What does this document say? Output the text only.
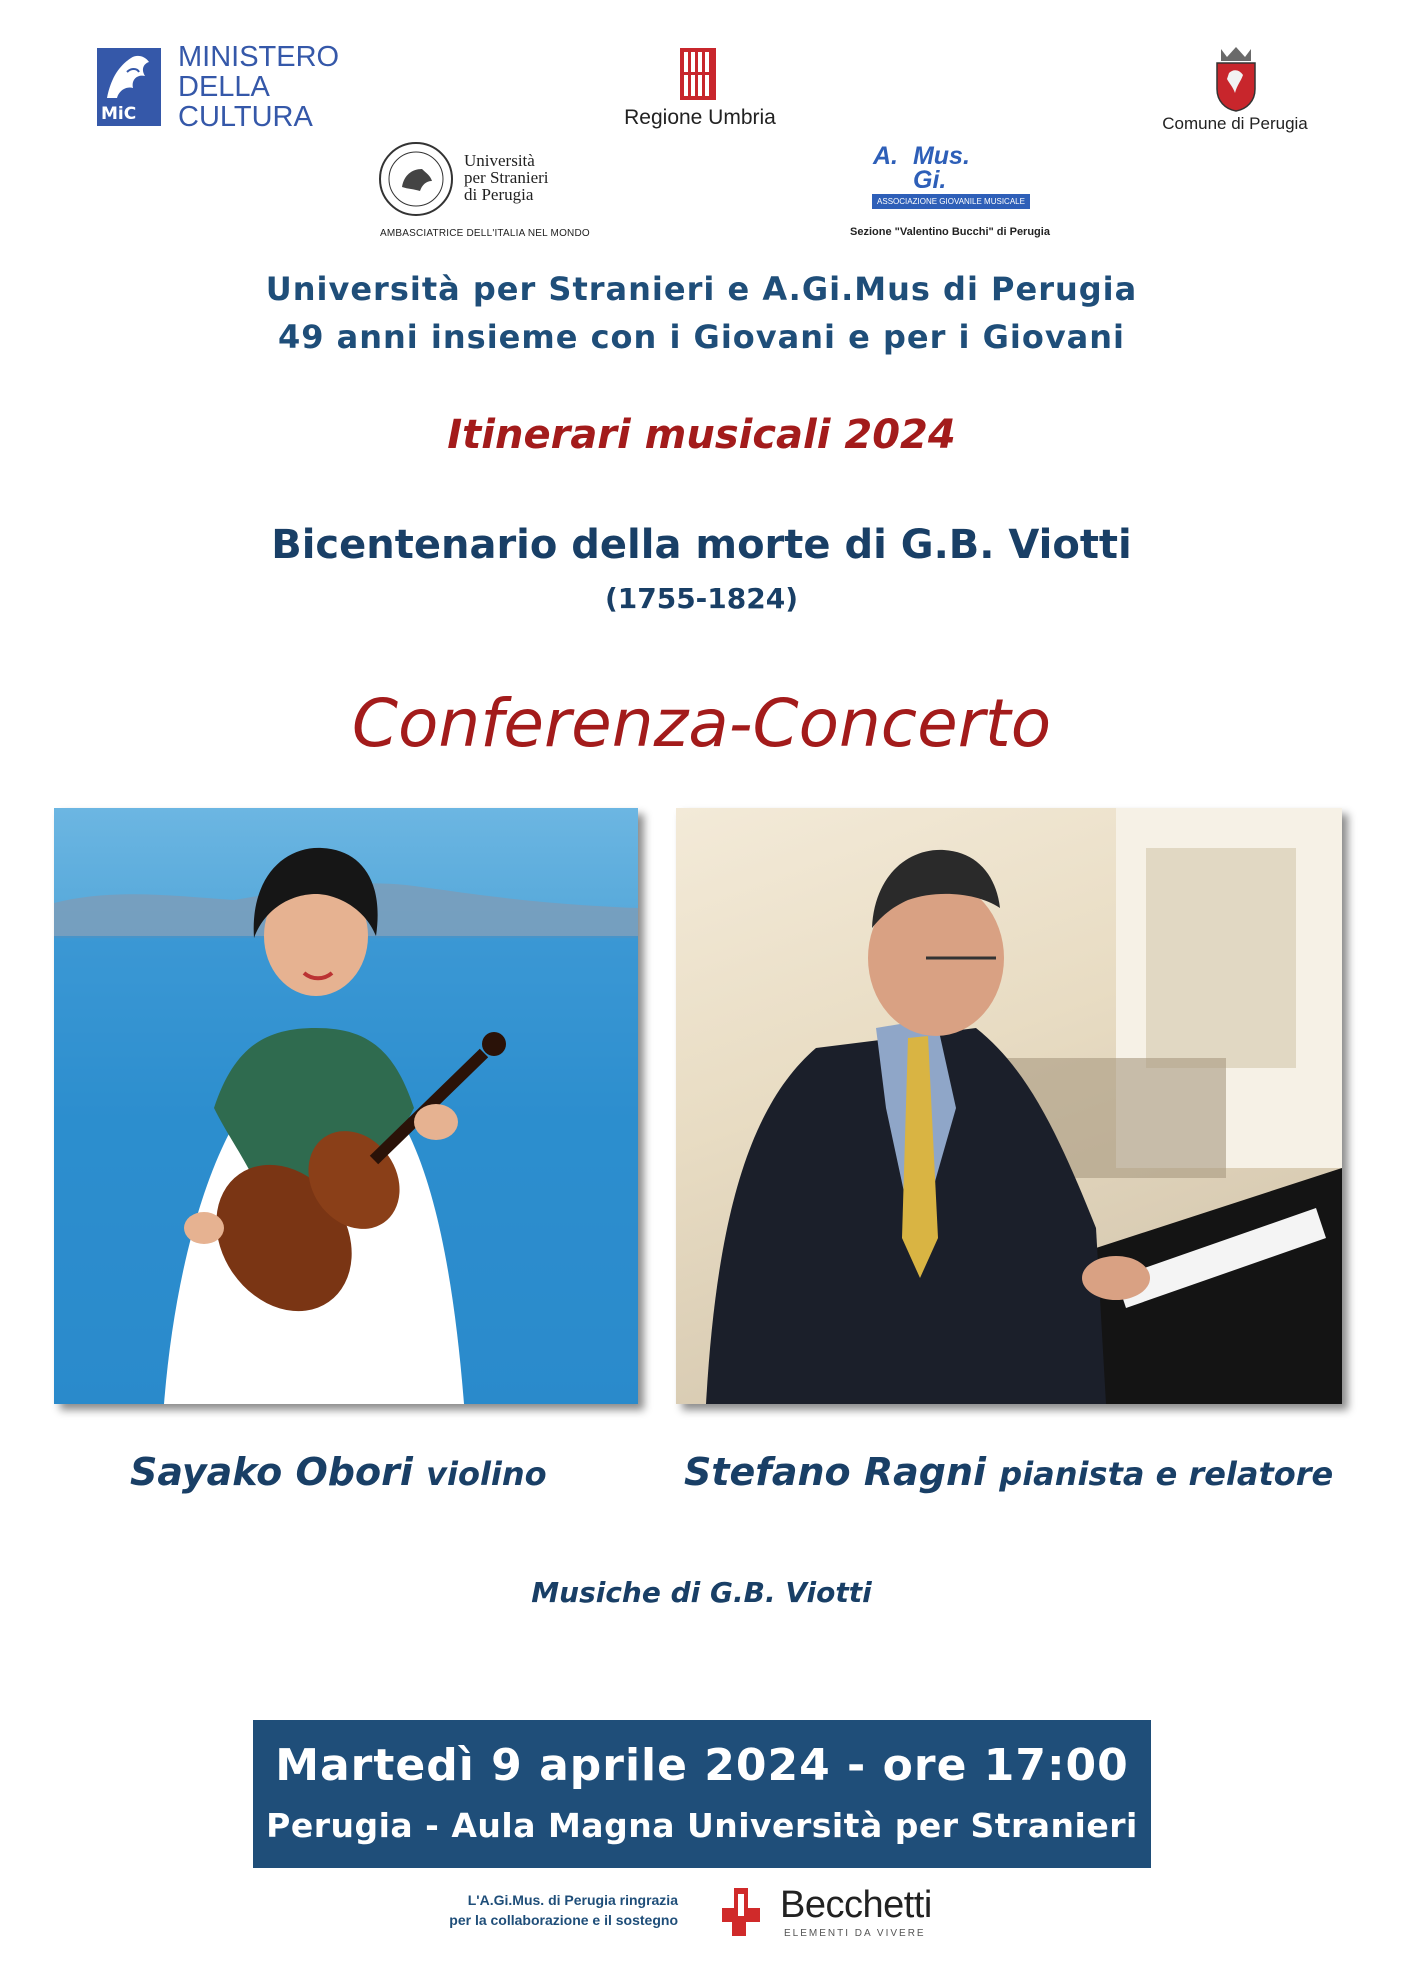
MiC
MINISTERO
DELLA
CULTURA	Regione Umbria	Comune di Perugia
Università
per Stranieri
di Perugia
AMBASCIATRICE DELL'ITALIA NEL MONDO
A. Mus.
Gi.
ASSOCIAZIONE GIOVANILE MUSICALE
Sezione "Valentino Bucchi" di Perugia
Università per Stranieri e A.Gi.Mus di Perugia
49 anni insieme con i Giovani e per i Giovani
Itinerari musicali 2024
Bicentenario della morte di G.B. Viotti
(1755-1824)
Conferenza-Concerto
Sayako Obori violino	Stefano Ragni pianista e relatore
Musiche di G.B. Viotti
Martedì 9 aprile 2024 - ore 17:00
Perugia - Aula Magna Università per Stranieri
L'A.Gi.Mus. di Perugia ringrazia
per la collaborazione e il sostegno	Becchetti
ELEMENTI DA VIVERE
